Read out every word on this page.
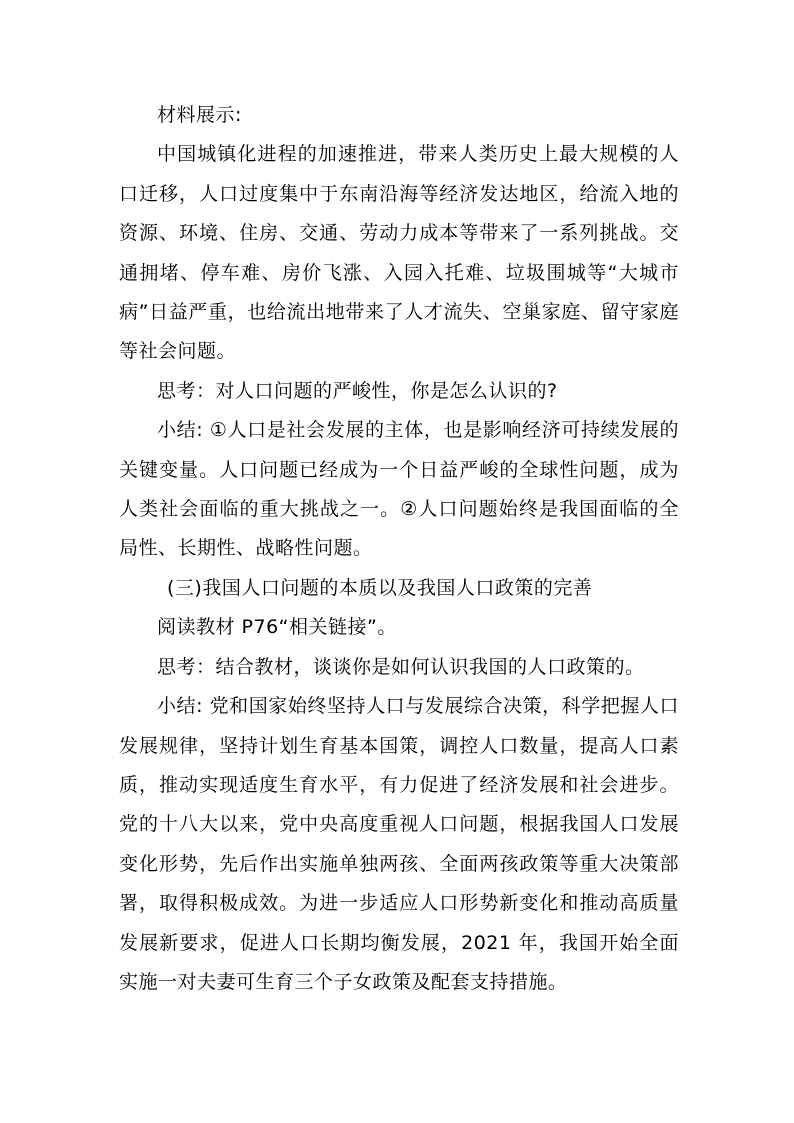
材料展示:

中国城镇化进程的加速推进，带来人类历史上最大规模的人口迁移，人口过度集中于东南沿海等经济发达地区，给流入地的资源、环境、住房、交通、劳动力成本等带来了一系列挑战。交通拥堵、停车难、房价飞涨、入园入托难、垃圾围城等“大城市病”日益严重，也给流出地带来了人才流失、空巢家庭、留守家庭等社会问题。

思考：对人口问题的严峻性，你是怎么认识的?

小结: ①人口是社会发展的主体，也是影响经济可持续发展的关键变量。人口问题已经成为一个日益严峻的全球性问题，成为人类社会面临的重大挑战之一。②人口问题始终是我国面临的全局性、长期性、战略性问题。

(三)我国人口问题的本质以及我国人口政策的完善

阅读教材 P76“相关链接”。

思考：结合教材，谈谈你是如何认识我国的人口政策的。

小结: 党和国家始终坚持人口与发展综合决策，科学把握人口发展规律，坚持计划生育基本国策，调控人口数量，提高人口素质，推动实现适度生育水平，有力促进了经济发展和社会进步。党的十八大以来，党中央高度重视人口问题，根据我国人口发展变化形势，先后作出实施单独两孩、全面两孩政策等重大决策部署，取得积极成效。为进一步适应人口形势新变化和推动高质量发展新要求，促进人口长期均衡发展，2021 年，我国开始全面实施一对夫妻可生育三个子女政策及配套支持措施。
